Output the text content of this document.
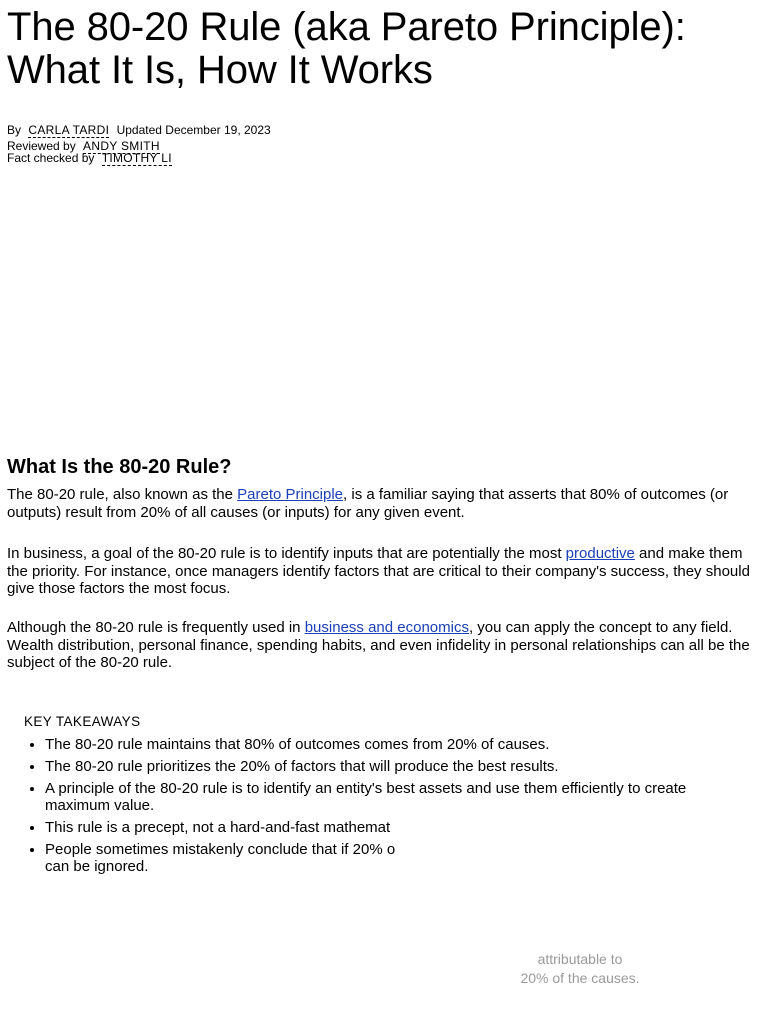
The 80-20 Rule (aka Pareto Principle): What It Is, How It Works
By CARLA TARDI Updated December 19, 2023
Reviewed by ANDY SMITH
Fact checked by TIMOTHY LI
What Is the 80-20 Rule?

The 80-20 rule, also known as the Pareto Principle, is a familiar saying that asserts that 80% of outcomes (or outputs) result from 20% of all causes (or inputs) for any given event.

In business, a goal of the 80-20 rule is to identify inputs that are potentially the most productive and make them the priority. For instance, once managers identify factors that are critical to their company's success, they should give those factors the most focus.

Although the 80-20 rule is frequently used in business and economics, you can apply the concept to any field. Wealth distribution, personal finance, spending habits, and even infidelity in personal relationships can all be the subject of the 80-20 rule.

KEY TAKEAWAYS
• The 80-20 rule maintains that 80% of outcomes comes from 20% of causes.
• The 80-20 rule prioritizes the 20% of factors that will produce the best results.
• A principle of the 80-20 rule is to identify an entity's best assets and use them efficiently to create maximum value.
• This rule is a precept, not a hard-and-fast mathemat
• People sometimes mistakenly conclude that if 20% o
can be ignored.
attributable to
20% of the causes.
